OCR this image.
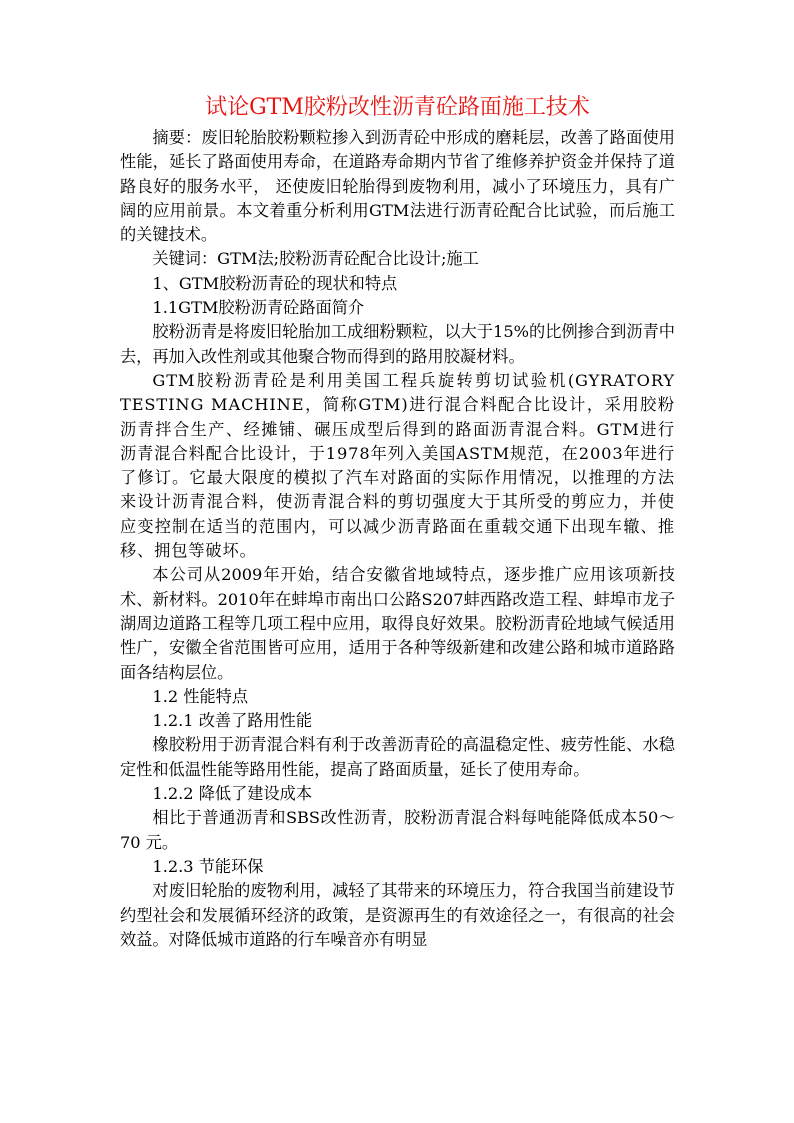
试论GTM胶粉改性沥青砼路面施工技术

摘要：废旧轮胎胶粉颗粒掺入到沥青砼中形成的磨耗层，改善了路面使用性能，延长了路面使用寿命，在道路寿命期内节省了维修养护资金并保持了道路良好的服务水平， 还使废旧轮胎得到废物利用，减小了环境压力，具有广阔的应用前景。本文着重分析利用GTM法进行沥青砼配合比试验，而后施工的关键技术。

关键词：GTM法;胶粉沥青砼配合比设计;施工

1、GTM胶粉沥青砼的现状和特点

1.1GTM胶粉沥青砼路面简介

胶粉沥青是将废旧轮胎加工成细粉颗粒，以大于15%的比例掺合到沥青中去，再加入改性剂或其他聚合物而得到的路用胶凝材料。

GTM胶粉沥青砼是利用美国工程兵旋转剪切试验机(GYRATORY TESTING MACHINE，简称GTM)进行混合料配合比设计，采用胶粉沥青拌合生产、经摊铺、碾压成型后得到的路面沥青混合料。GTM进行沥青混合料配合比设计，于1978年列入美国ASTM规范，在2003年进行了修订。它最大限度的模拟了汽车对路面的实际作用情况，以推理的方法来设计沥青混合料，使沥青混合料的剪切强度大于其所受的剪应力，并使应变控制在适当的范围内，可以减少沥青路面在重载交通下出现车辙、推移、拥包等破坏。

本公司从2009年开始，结合安徽省地域特点，逐步推广应用该项新技术、新材料。2010年在蚌埠市南出口公路S207蚌西路改造工程、蚌埠市龙子湖周边道路工程等几项工程中应用，取得良好效果。胶粉沥青砼地域气候适用性广，安徽全省范围皆可应用，适用于各种等级新建和改建公路和城市道路路面各结构层位。

1.2 性能特点

1.2.1 改善了路用性能

橡胶粉用于沥青混合料有利于改善沥青砼的高温稳定性、疲劳性能、水稳定性和低温性能等路用性能，提高了路面质量，延长了使用寿命。

1.2.2 降低了建设成本

相比于普通沥青和SBS改性沥青，胶粉沥青混合料每吨能降低成本50～70 元。

1.2.3 节能环保

对废旧轮胎的废物利用，减轻了其带来的环境压力，符合我国当前建设节约型社会和发展循环经济的政策，是资源再生的有效途径之一，有很高的社会效益。对降低城市道路的行车噪音亦有明显
